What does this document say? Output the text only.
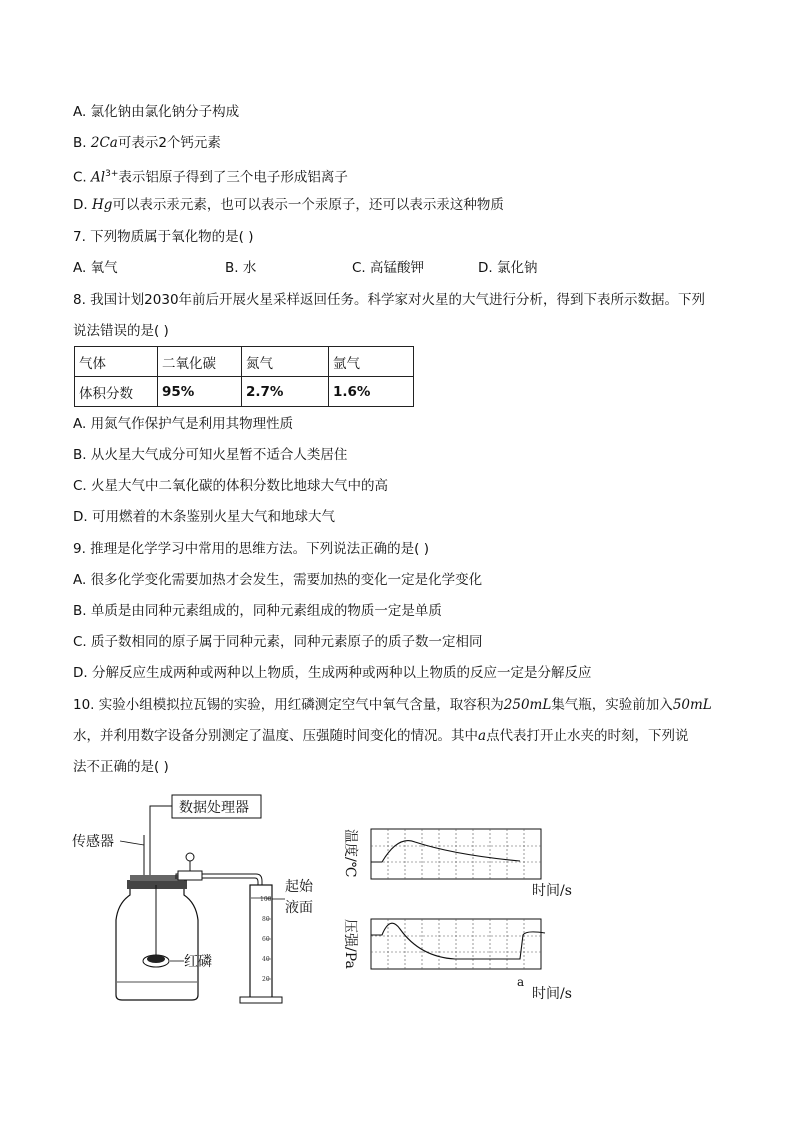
A. 氯化钠由氯化钠分子构成
B. 2Ca可表示2个钙元素
C. $Al^{3+}$表示铝原子得到了三个电子形成铝离子
D. Hg可以表示汞元素，也可以表示一个汞原子，还可以表示汞这种物质
7. 下列物质属于氧化物的是( )
A. 氧气	B. 水	C. 高锰酸钾	D. 氯化钠
8. 我国计划2030年前后开展火星采样返回任务。科学家对火星的大气进行分析，得到下表所示数据。下列
说法错误的是( )
气体	二氧化碳	氮气	氩气
体积分数	95%	2.7%	1.6%
A. 用氮气作保护气是利用其物理性质
B. 从火星大气成分可知火星暂不适合人类居住
C. 火星大气中二氧化碳的体积分数比地球大气中的高
D. 可用燃着的木条鉴别火星大气和地球大气
9. 推理是化学学习中常用的思维方法。下列说法正确的是( )
A. 很多化学变化需要加热才会发生，需要加热的变化一定是化学变化
B. 单质是由同种元素组成的，同种元素组成的物质一定是单质
C. 质子数相同的原子属于同种元素，同种元素原子的质子数一定相同
D. 分解反应生成两种或两种以上物质，生成两种或两种以上物质的反应一定是分解反应
10. 实验小组模拟拉瓦锡的实验，用红磷测定空气中氧气含量，取容积为250mL集气瓶，实验前加入50mL
水，并利用数字设备分别测定了温度、压强随时间变化的情况。其中a点代表打开止水夹的时刻，下列说
法不正确的是( )
数据处理器
传感器
红磷
100
80
60
40
20
起始
液面
温度/℃
时间/s
压强/Pa
a
时间/s
